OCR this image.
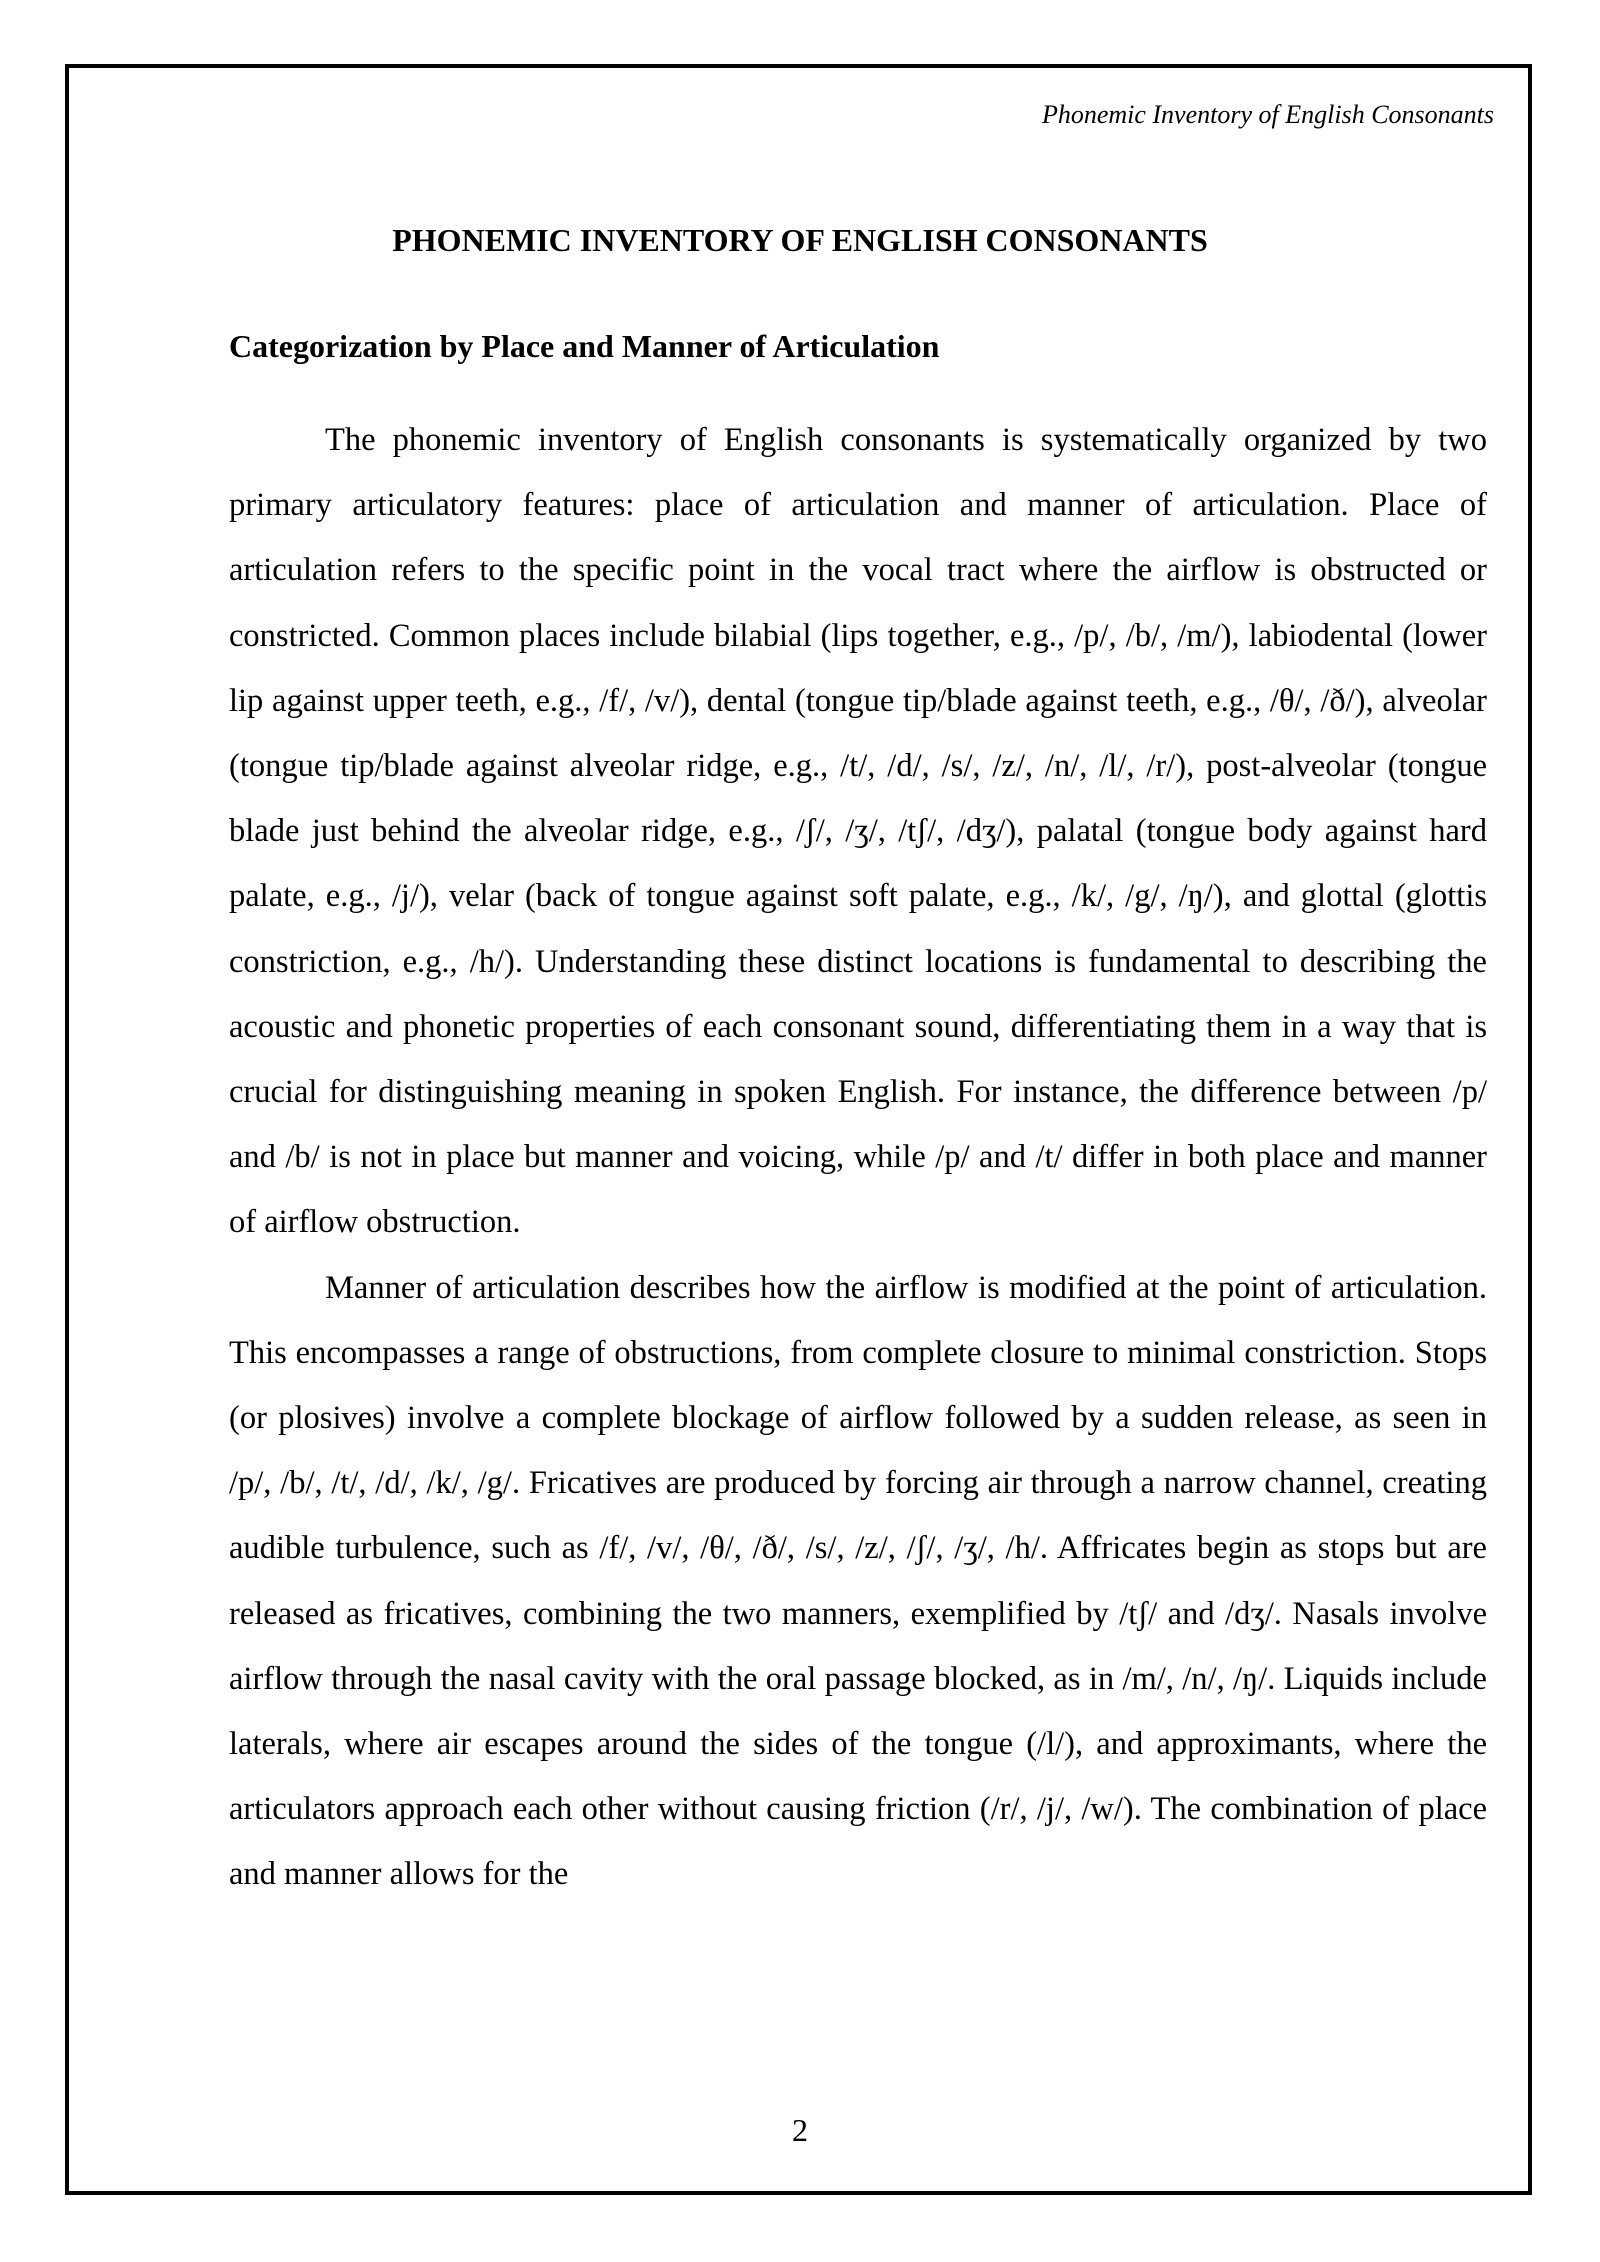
Phonemic Inventory of English Consonants
PHONEMIC INVENTORY OF ENGLISH CONSONANTS
Categorization by Place and Manner of Articulation

The phonemic inventory of English consonants is systematically organized by two primary articulatory features: place of articulation and manner of articulation. Place of articulation refers to the specific point in the vocal tract where the airflow is obstructed or constricted. Common places include bilabial (lips together, e.g., /p/, /b/, /m/), labiodental (lower lip against upper teeth, e.g., /f/, /v/), dental (tongue tip/blade against teeth, e.g., /θ/, /ð/), alveolar (tongue tip/blade against alveolar ridge, e.g., /t/, /d/, /s/, /z/, /n/, /l/, /r/), post-alveolar (tongue blade just behind the alveolar ridge, e.g., /ʃ/, /ʒ/, /tʃ/, /dʒ/), palatal (tongue body against hard palate, e.g., /j/), velar (back of tongue against soft palate, e.g., /k/, /g/, /ŋ/), and glottal (glottis constriction, e.g., /h/). Understanding these distinct locations is fundamental to describing the acoustic and phonetic properties of each consonant sound, differentiating them in a way that is crucial for distinguishing meaning in spoken English. For instance, the difference between /p/ and /b/ is not in place but manner and voicing, while /p/ and /t/ differ in both place and manner of airflow obstruction.

Manner of articulation describes how the airflow is modified at the point of articulation. This encompasses a range of obstructions, from complete closure to minimal constriction. Stops (or plosives) involve a complete blockage of airflow followed by a sudden release, as seen in /p/, /b/, /t/, /d/, /k/, /g/. Fricatives are produced by forcing air through a narrow channel, creating audible turbulence, such as /f/, /v/, /θ/, /ð/, /s/, /z/, /ʃ/, /ʒ/, /h/. Affricates begin as stops but are released as fricatives, combining the two manners, exemplified by /tʃ/ and /dʒ/. Nasals involve airflow through the nasal cavity with the oral passage blocked, as in /m/, /n/, /ŋ/. Liquids include laterals, where air escapes around the sides of the tongue (/l/), and approximants, where the articulators approach each other without causing friction (/r/, /j/, /w/). The combination of place and manner allows for the

2
